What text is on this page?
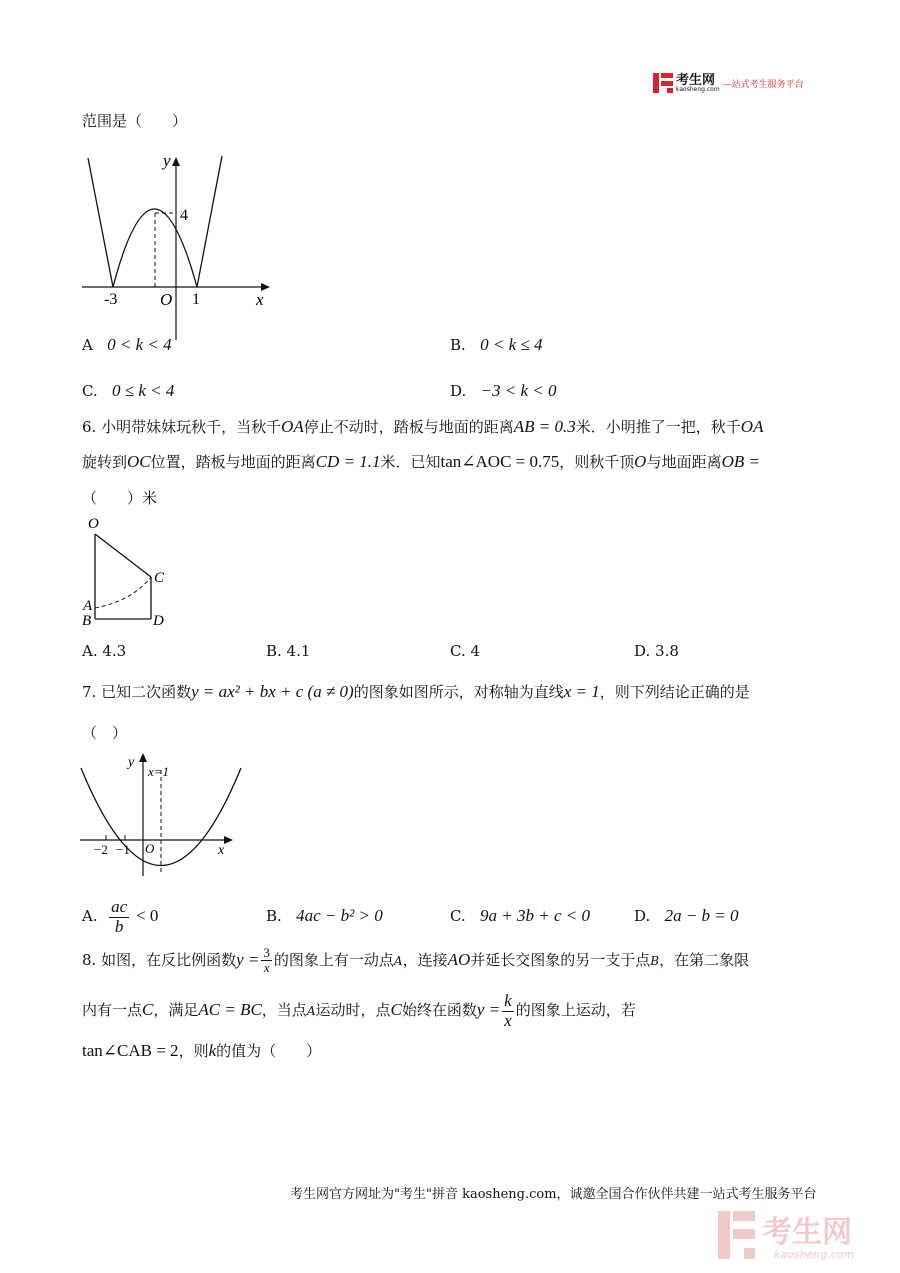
考生网
kaosheng.com —站式考生服务平台
范围是（　　）
y
x
4
-3	1
O
A 0 < k < 4	B. 0 < k ≤ 4
C. 0 ≤ k < 4	D. −3 < k < 0
6. 小明带妹妹玩秋千，当秋千OA停止不动时，踏板与地面的距离AB = 0.3米．小明推了一把，秋千OA
旋转到OC位置，踏板与地面的距离CD = 1.1米．已知tan∠AOC = 0.75，则秋千顶O与地面距离OB =
（　　）米
O
C
A
B	D
A. 4.3	B. 4.1	C. 4	D. 3.8
7. 已知二次函数y = ax² + bx + c (a ≠ 0)的图象如图所示，对称轴为直线x = 1，则下列结论正确的是
（　）
y
x=1
x
−2 −1 O
A. $\frac{ac}{b} < 0$	B. 4ac − b² > 0	C. 9a + 3b + c < 0	D. 2a − b = 0
8. 如图，在反比例函数$y = \frac{3}{x}$ 的图象上有一动点A，连接AO并延长交图象的另一支于点B，在第二象限
内有一点C，满足AC = BC，当点A运动时，点C始终在函数$y = \frac{k}{x}$ 的图象上运动，若
tan∠CAB = 2，则k的值为（　　）
考生网官方网址为"考生"拼音 kaosheng.com，诚邀全国合作伙伴共建一站式考生服务平台
考生网
kaosheng.com
